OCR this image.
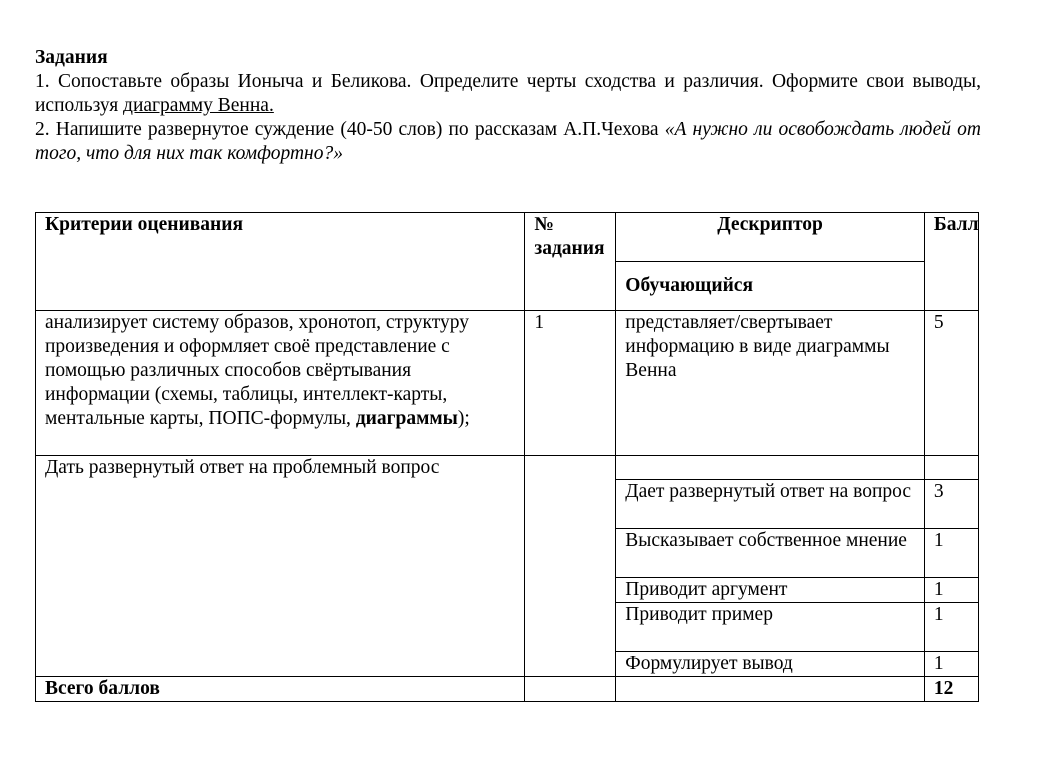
Задания

1. Сопоставьте образы Ионыча и Беликова. Определите черты сходства и различия. Оформите свои выводы, используя диаграмму Венна.

2. Напишите развернутое суждение (40-50 слов) по рассказам А.П.Чехова «А нужно ли освобождать людей от того, что для них так комфортно?»

Критерии оценивания	№ задания	Дескриптор	Балл
		Обучающийся	
анализирует систему образов, хронотоп, структуру произведения и оформляет своё представление с помощью различных способов свёртывания информации (схемы, таблицы, интеллект-карты, ментальные карты, ПОПС-формулы, диаграммы);	1	представляет/свертывает информацию в виде диаграммы Венна	5
Дать развернутый ответ на проблемный вопрос			
		Дает развернутый ответ на вопрос	3
		Высказывает собственное мнение	1
		Приводит аргумент	1
		Приводит пример	1
		Формулирует вывод	1
Всего баллов			12
